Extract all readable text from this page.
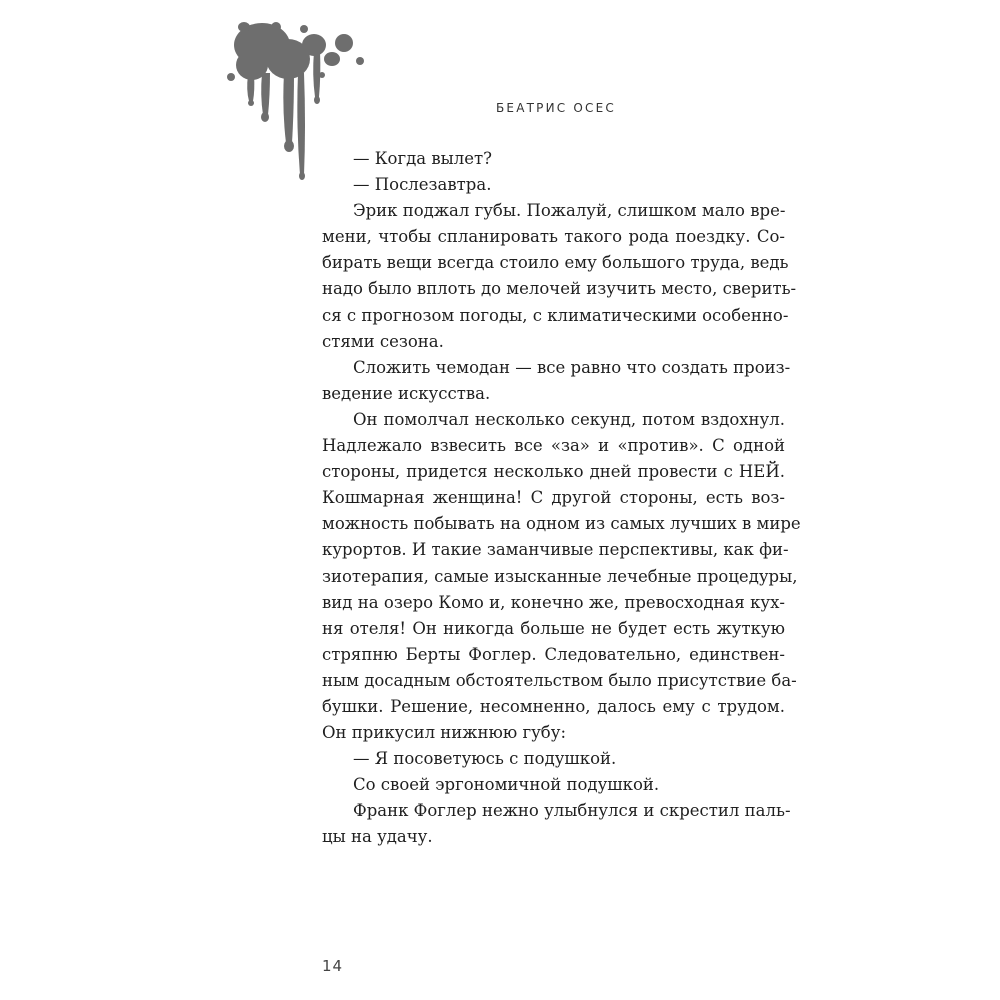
БЕАТРИС ОСЕС
— Когда вылет?
— Послезавтра.
Эрик поджал губы. Пожалуй, слишком мало вре-
мени, чтобы спланировать такого рода поездку. Со-
бирать вещи всегда стоило ему большого труда, ведь
надо было вплоть до мелочей изучить место, сверить-
ся с прогнозом погоды, с климатическими особеннo-
стями сезона.
Сложить чемодан — все равно что создать произ-
ведение искусства.
Он помолчал несколько секунд, потом вздохнул.
Надлежало взвесить все «за» и «против». С одной
стороны, придется несколько дней провести с НЕЙ.
Кошмарная женщина! С другой стороны, есть воз-
можность побывать на одном из самых лучших в мире
курортов. И такие заманчивые перспективы, как фи-
зиотерапия, самые изысканные лечебные процедуры,
вид на озеро Комо и, конечно же, превосходная кух-
ня отеля! Он никогда больше не будет есть жуткую
стряпню Берты Фоглер. Следовательно, единствен-
ным досадным обстоятельством было присутствие ба-
бушки. Решение, несомненно, далось ему с трудом.
Он прикусил нижнюю губу:
— Я посоветуюсь с подушкой.
Со своей эргономичной подушкой.
Франк Фоглер нежно улыбнулся и скрестил паль-
цы на удачу.
14
